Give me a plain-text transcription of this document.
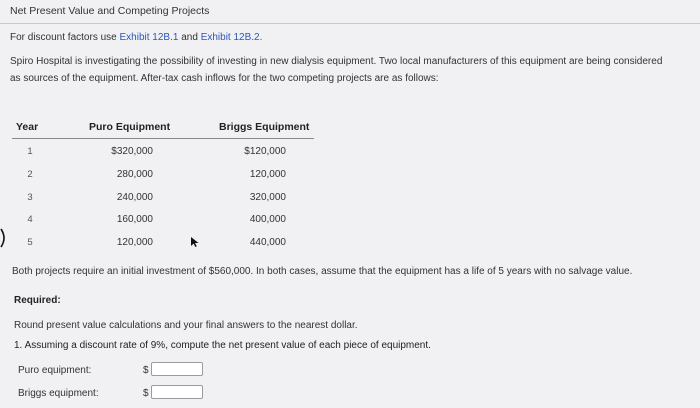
Net Present Value and Competing Projects
For discount factors use Exhibit 12B.1 and Exhibit 12B.2.
Spiro Hospital is investigating the possibility of investing in new dialysis equipment. Two local manufacturers of this equipment are being considered
as sources of the equipment. After-tax cash inflows for the two competing projects are as follows:
Year	Puro Equipment	Briggs Equipment
1	$320,000	$120,000
2	280,000	120,000
3	240,000	320,000
4	160,000	400,000
5	120,000	440,000
Both projects require an initial investment of $560,000. In both cases, assume that the equipment has a life of 5 years with no salvage value.
Required:
Round present value calculations and your final answers to the nearest dollar.
1. Assuming a discount rate of 9%, compute the net present value of each piece of equipment.
Puro equipment:	$
Briggs equipment:	$
